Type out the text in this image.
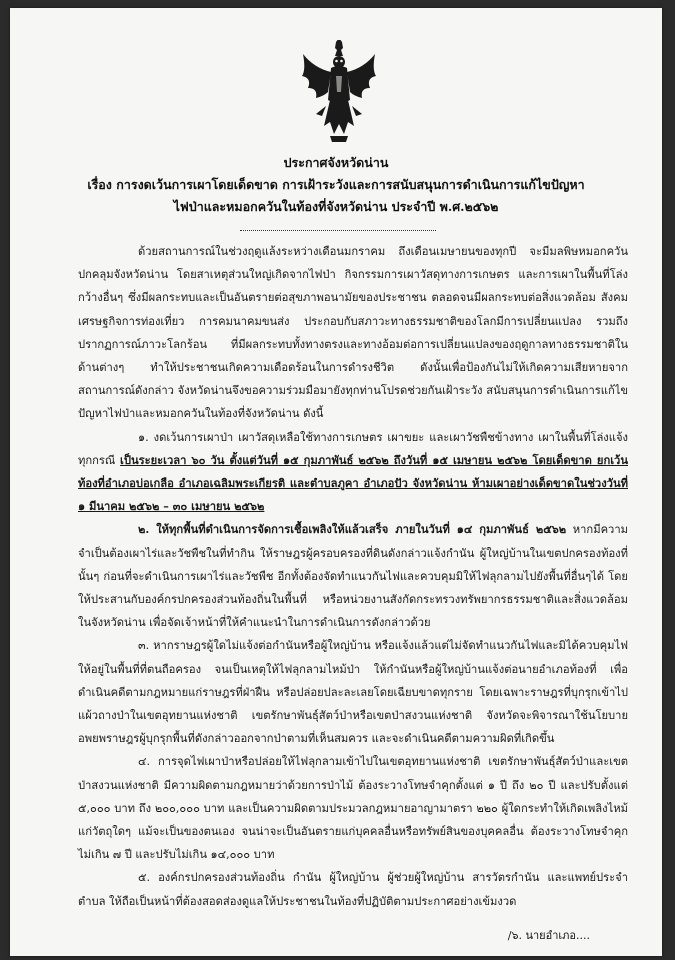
ประกาศจังหวัดน่าน
เรื่อง การงดเว้นการเผาโดยเด็ดขาด การเฝ้าระวังและการสนับสนุนการดำเนินการแก้ไขปัญหา
ไฟป่าและหมอกควันในท้องที่จังหวัดน่าน ประจำปี พ.ศ.๒๕๖๒

ด้วยสถานการณ์ในช่วงฤดูแล้งระหว่างเดือนมกราคม ถึงเดือนเมษายนของทุกปี จะมีมลพิษหมอกควันปกคลุมจังหวัดน่าน โดยสาเหตุส่วนใหญ่เกิดจากไฟป่า กิจกรรมการเผาวัสดุทางการเกษตร และการเผาในพื้นที่โล่งกว้างอื่นๆ ซึ่งมีผลกระทบและเป็นอันตรายต่อสุขภาพอนามัยของประชาชน ตลอดจนมีผลกระทบต่อสิ่งแวดล้อม สังคม เศรษฐกิจการท่องเที่ยว การคมนาคมขนส่ง ประกอบกับสภาวะทางธรรมชาติของโลกมีการเปลี่ยนแปลง รวมถึงปรากฏการณ์ภาวะโลกร้อน ที่มีผลกระทบทั้งทางตรงและทางอ้อมต่อการเปลี่ยนแปลงของฤดูกาลทางธรรมชาติในด้านต่างๆ ทำให้ประชาชนเกิดความเดือดร้อนในการดำรงชีวิต ดังนั้นเพื่อป้องกันไม่ให้เกิดความเสียหายจากสถานการณ์ดังกล่าว จังหวัดน่านจึงขอความร่วมมือมายังทุกท่านโปรดช่วยกันเฝ้าระวัง สนับสนุนการดำเนินการแก้ไขปัญหาไฟป่าและหมอกควันในท้องที่จังหวัดน่าน ดังนี้

๑. งดเว้นการเผาป่า เผาวัสดุเหลือใช้ทางการเกษตร เผาขยะ และเผาวัชพืชข้างทาง เผาในพื้นที่โล่งแจ้งทุกกรณี เป็นระยะเวลา ๖๐ วัน ตั้งแต่วันที่ ๑๕ กุมภาพันธ์ ๒๕๖๒ ถึงวันที่ ๑๕ เมษายน ๒๕๖๒ โดยเด็ดขาด ยกเว้นท้องที่อำเภอบ่อเกลือ อำเภอเฉลิมพระเกียรติ และตำบลภูคา อำเภอปัว จังหวัดน่าน ห้ามเผาอย่างเด็ดขาดในช่วงวันที่ ๑ มีนาคม ๒๕๖๒ – ๓๐ เมษายน ๒๕๖๒

๒. ให้ทุกพื้นที่ดำเนินการจัดการเชื้อเพลิงให้แล้วเสร็จ ภายในวันที่ ๑๔ กุมภาพันธ์ ๒๕๖๒ หากมีความจำเป็นต้องเผาไร่และวัชพืชในที่ทำกิน ให้ราษฎรผู้ครอบครองที่ดินดังกล่าวแจ้งกำนัน ผู้ใหญ่บ้านในเขตปกครองท้องที่นั้นๆ ก่อนที่จะดำเนินการเผาไร่และวัชพืช อีกทั้งต้องจัดทำแนวกันไฟและควบคุมมิให้ไฟลุกลามไปยังพื้นที่อื่นๆได้ โดยให้ประสานกับองค์กรปกครองส่วนท้องถิ่นในพื้นที่ หรือหน่วยงานสังกัดกระทรวงทรัพยากรธรรมชาติและสิ่งแวดล้อมในจังหวัดน่าน เพื่อจัดเจ้าหน้าที่ให้คำแนะนำในการดำเนินการดังกล่าวด้วย

๓. หากราษฎรผู้ใดไม่แจ้งต่อกำนันหรือผู้ใหญ่บ้าน หรือแจ้งแล้วแต่ไม่จัดทำแนวกันไฟและมิได้ควบคุมไฟให้อยู่ในพื้นที่ที่ตนถือครอง จนเป็นเหตุให้ไฟลุกลามไหม้ป่า ให้กำนันหรือผู้ใหญ่บ้านแจ้งต่อนายอำเภอท้องที่ เพื่อดำเนินคดีตามกฎหมายแก่ราษฎรที่ฝ่าฝืน หรือปล่อยปละละเลยโดยเฉียบขาดทุกราย โดยเฉพาะราษฎรที่บุกรุกเข้าไปแผ้วถางป่าในเขตอุทยานแห่งชาติ เขตรักษาพันธุ์สัตว์ป่าหรือเขตป่าสงวนแห่งชาติ จังหวัดจะพิจารณาใช้นโยบายอพยพราษฎรผู้บุกรุกพื้นที่ดังกล่าวออกจากป่าตามที่เห็นสมควร และจะดำเนินคดีตามความผิดที่เกิดขึ้น

๔. การจุดไฟเผาป่าหรือปล่อยให้ไฟลุกลามเข้าไปในเขตอุทยานแห่งชาติ เขตรักษาพันธุ์สัตว์ป่าและเขตป่าสงวนแห่งชาติ มีความผิดตามกฎหมายว่าด้วยการป่าไม้ ต้องระวางโทษจำคุกตั้งแต่ ๑ ปี ถึง ๒๐ ปี และปรับตั้งแต่ ๕,๐๐๐ บาท ถึง ๒๐๐,๐๐๐ บาท และเป็นความผิดตามประมวลกฎหมายอาญามาตรา ๒๒๐ ผู้ใดกระทำให้เกิดเพลิงไหม้แก่วัตถุใดๆ แม้จะเป็นของตนเอง จนน่าจะเป็นอันตรายแก่บุคคลอื่นหรือทรัพย์สินของบุคคลอื่น ต้องระวางโทษจำคุกไม่เกิน ๗ ปี และปรับไม่เกิน ๑๔,๐๐๐ บาท

๕. องค์กรปกครองส่วนท้องถิ่น กำนัน ผู้ใหญ่บ้าน ผู้ช่วยผู้ใหญ่บ้าน สารวัตรกำนัน และแพทย์ประจำตำบล ให้ถือเป็นหน้าที่ต้องสอดส่องดูแลให้ประชาชนในท้องที่ปฏิบัติตามประกาศอย่างเข้มงวด

/๖. นายอำเภอ....
